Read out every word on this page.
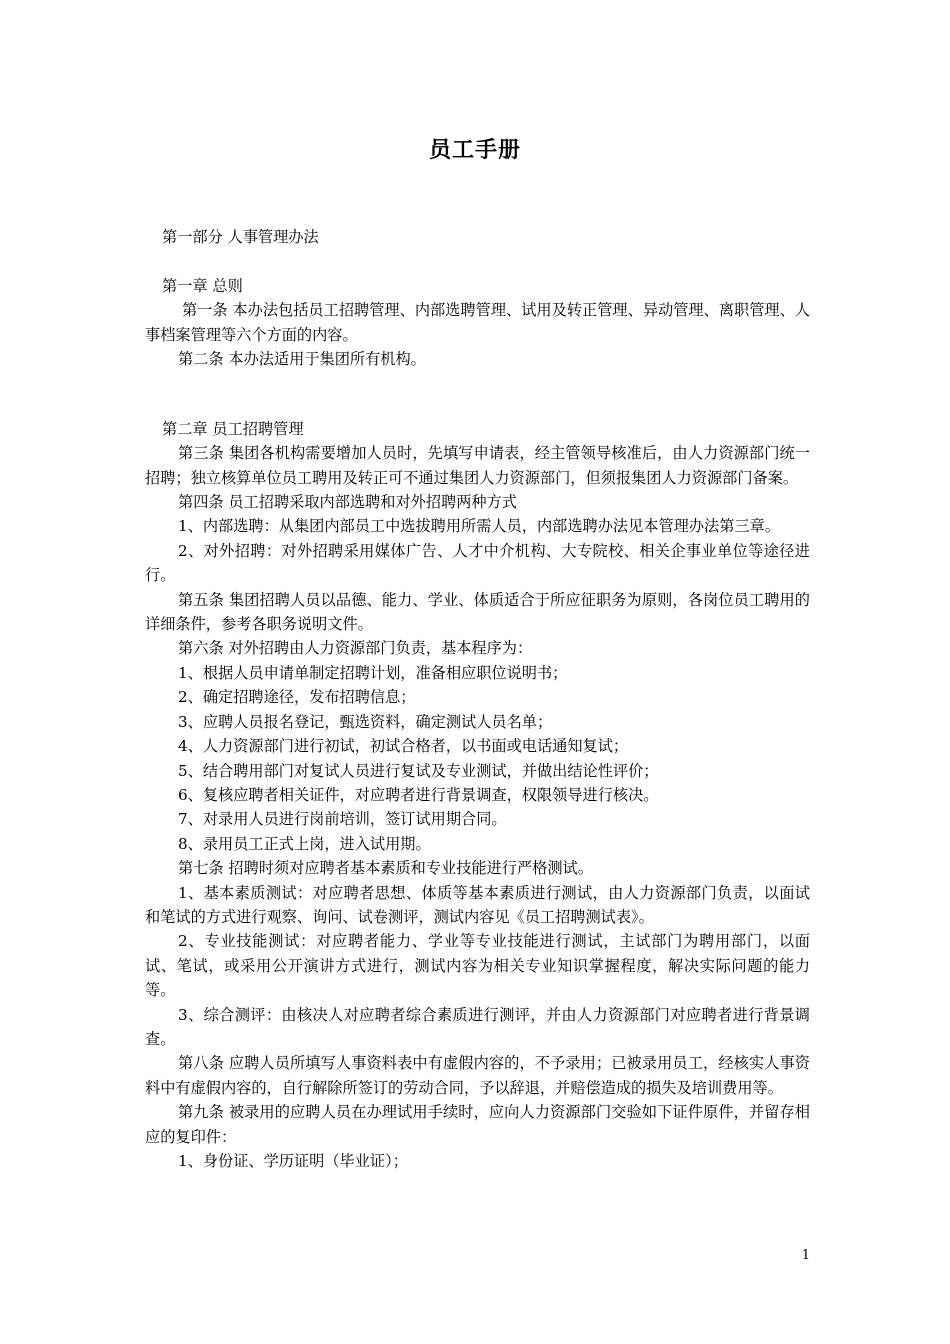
员工手册

第一部分 人事管理办法

第一章 总则

第一条 本办法包括员工招聘管理、内部选聘管理、试用及转正管理、异动管理、离职管理、人事档案管理等六个方面的内容。

第二条 本办法适用于集团所有机构。

第二章 员工招聘管理

第三条 集团各机构需要增加人员时，先填写申请表，经主管领导核准后，由人力资源部门统一招聘；独立核算单位员工聘用及转正可不通过集团人力资源部门，但须报集团人力资源部门备案。

第四条 员工招聘采取内部选聘和对外招聘两种方式

1、内部选聘：从集团内部员工中选拔聘用所需人员，内部选聘办法见本管理办法第三章。

2、对外招聘：对外招聘采用媒体广告、人才中介机构、大专院校、相关企事业单位等途径进行。

第五条 集团招聘人员以品德、能力、学业、体质适合于所应征职务为原则，各岗位员工聘用的详细条件，参考各职务说明文件。

第六条 对外招聘由人力资源部门负责，基本程序为：

1、根据人员申请单制定招聘计划，准备相应职位说明书；

2、确定招聘途径，发布招聘信息；

3、应聘人员报名登记，甄选资料，确定测试人员名单；

4、人力资源部门进行初试，初试合格者，以书面或电话通知复试；

5、结合聘用部门对复试人员进行复试及专业测试，并做出结论性评价；

6、复核应聘者相关证件，对应聘者进行背景调查，权限领导进行核决。

7、对录用人员进行岗前培训，签订试用期合同。

8、录用员工正式上岗，进入试用期。

第七条 招聘时须对应聘者基本素质和专业技能进行严格测试。

1、基本素质测试：对应聘者思想、体质等基本素质进行测试，由人力资源部门负责，以面试和笔试的方式进行观察、询问、试卷测评，测试内容见《员工招聘测试表》。

2、专业技能测试：对应聘者能力、学业等专业技能进行测试，主试部门为聘用部门，以面试、笔试，或采用公开演讲方式进行，测试内容为相关专业知识掌握程度，解决实际问题的能力等。

3、综合测评：由核决人对应聘者综合素质进行测评，并由人力资源部门对应聘者进行背景调查。

第八条 应聘人员所填写人事资料表中有虚假内容的，不予录用；已被录用员工，经核实人事资料中有虚假内容的，自行解除所签订的劳动合同，予以辞退，并赔偿造成的损失及培训费用等。

第九条 被录用的应聘人员在办理试用手续时，应向人力资源部门交验如下证件原件，并留存相应的复印件：

1、身份证、学历证明（毕业证）；

1
